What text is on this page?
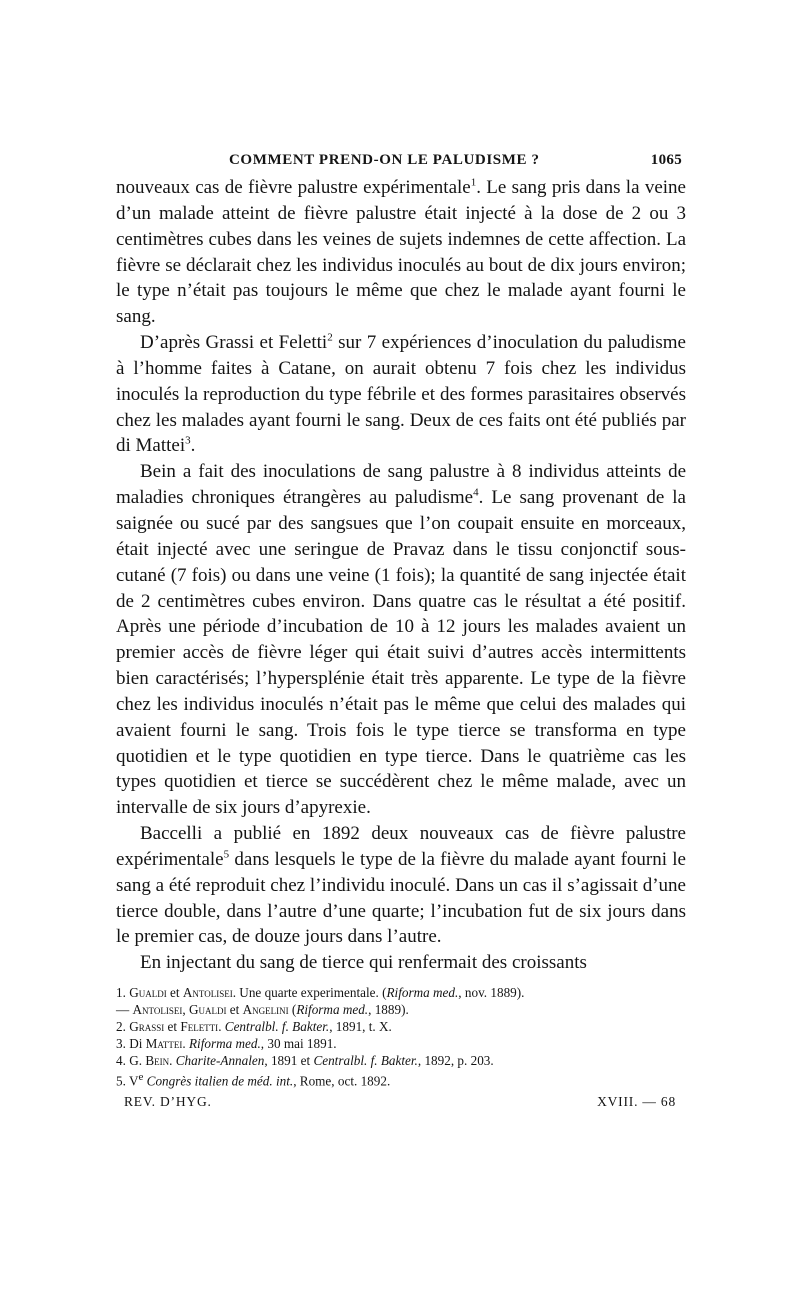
COMMENT PREND-ON LE PALUDISME ?	1065

nouveaux cas de fièvre palustre expérimentale$^1$. Le sang pris dans la veine d’un malade atteint de fièvre palustre était injecté à la dose de 2 ou 3 centimètres cubes dans les veines de sujets indemnes de cette affection. La fièvre se déclarait chez les individus inoculés au bout de dix jours environ; le type n’était pas toujours le même que chez le malade ayant fourni le sang.

D’après Grassi et Feletti$^2$ sur 7 expériences d’inoculation du paludisme à l’homme faites à Catane, on aurait obtenu 7 fois chez les individus inoculés la reproduction du type fébrile et des formes parasitaires observés chez les malades ayant fourni le sang. Deux de ces faits ont été publiés par di Mattei$^3$.

Bein a fait des inoculations de sang palustre à 8 individus atteints de maladies chroniques étrangères au paludisme$^4$. Le sang provenant de la saignée ou sucé par des sangsues que l’on coupait ensuite en morceaux, était injecté avec une seringue de Pravaz dans le tissu conjonctif sous-cutané (7 fois) ou dans une veine (1 fois); la quantité de sang injectée était de 2 centimètres cubes environ. Dans quatre cas le résultat a été positif. Après une période d’incubation de 10 à 12 jours les malades avaient un premier accès de fièvre léger qui était suivi d’autres accès intermittents bien caractérisés; l’hypersplénie était très apparente. Le type de la fièvre chez les individus inoculés n’était pas le même que celui des malades qui avaient fourni le sang. Trois fois le type tierce se transforma en type quotidien et le type quotidien en type tierce. Dans le quatrième cas les types quotidien et tierce se succédèrent chez le même malade, avec un intervalle de six jours d’apyrexie.

Baccelli a publié en 1892 deux nouveaux cas de fièvre palustre expérimentale$^5$ dans lesquels le type de la fièvre du malade ayant fourni le sang a été reproduit chez l’individu inoculé. Dans un cas il s’agissait d’une tierce double, dans l’autre d’une quarte; l’incubation fut de six jours dans le premier cas, de douze jours dans l’autre.

En injectant du sang de tierce qui renfermait des croissants

1. Gualdi et Antolisei. Une quarte experimentale. (Riforma med., nov. 1889).
— Antolisei, Gualdi et Angelini (Riforma med., 1889).
2. Grassi et Feletti. Centralbl. f. Bakter., 1891, t. X.
3. Di Mattei. Riforma med., 30 mai 1891.
4. G. Bein. Charite-Annalen, 1891 et Centralbl. f. Bakter., 1892, p. 203.
5. Ve Congrès italien de méd. int., Rome, oct. 1892.
REV. D’HYG.	XVIII. — 68
